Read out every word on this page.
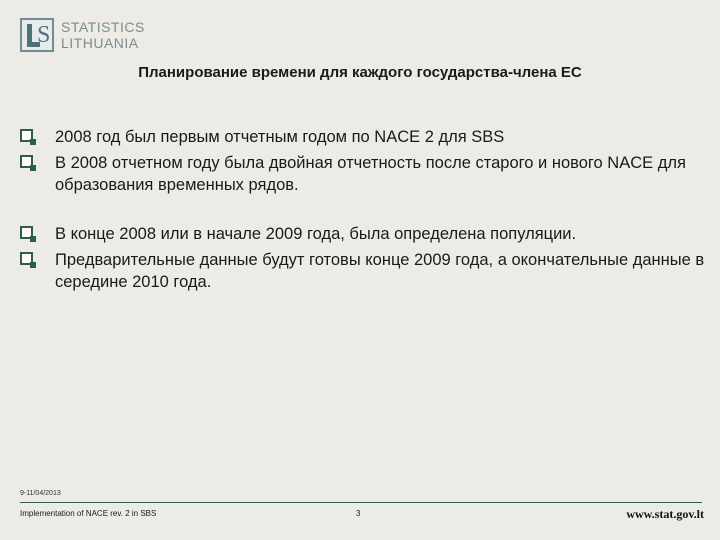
S STATISTICS
LITHUANIA
Планирование времени для каждого государства-члена ЕС
2008 год был первым отчетным годом по NACE 2 для SBS
В 2008 отчетном году была двойная отчетность после старого и нового NACE для образования временных рядов.
В конце 2008 или в начале 2009 года, была определена популяции.
Предварительные данные будут готовы конце 2009 года, а окончательные данные в середине 2010 года.
9-11/04/2013
Implementation of NACE rev. 2 in SBS	3	www.stat.gov.lt
